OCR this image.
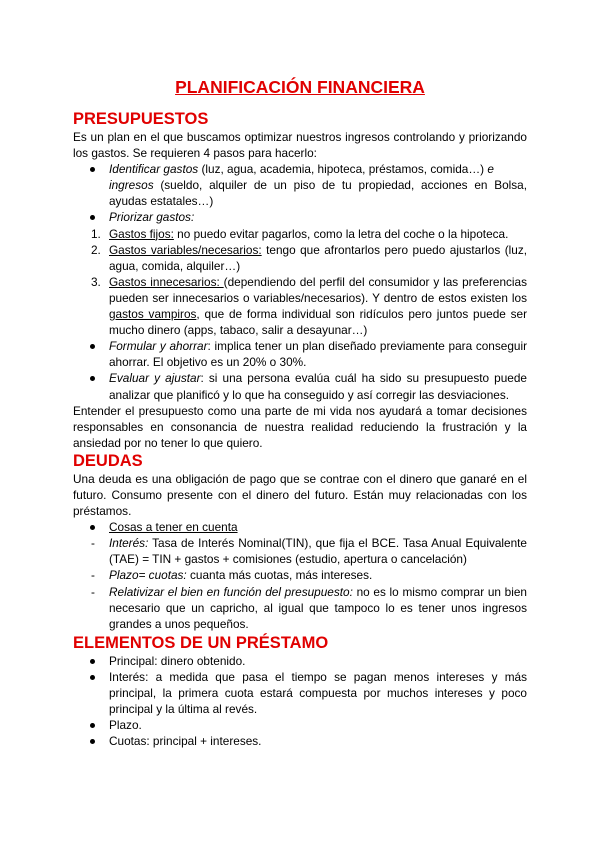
PLANIFICACIÓN FINANCIERA
PRESUPUESTOS

Es un plan en el que buscamos optimizar nuestros ingresos controlando y priorizando los gastos. Se requieren 4 pasos para hacerlo:

Identificar gastos (luz, agua, academia, hipoteca, préstamos, comida…) e
ingresos (sueldo, alquiler de un piso de tu propiedad, acciones en Bolsa, ayudas estatales…)
Priorizar gastos:
1. Gastos fijos: no puedo evitar pagarlos, como la letra del coche o la hipoteca.
2. Gastos variables/necesarios: tengo que afrontarlos pero puedo ajustarlos (luz, agua, comida, alquiler…)
3. Gastos innecesarios: (dependiendo del perfil del consumidor y las preferencias pueden ser innecesarios o variables/necesarios). Y dentro de estos existen los gastos vampiros, que de forma individual son ridículos pero juntos puede ser mucho dinero (apps, tabaco, salir a desayunar…)
Formular y ahorrar: implica tener un plan diseñado previamente para conseguir ahorrar. El objetivo es un 20% o 30%.
Evaluar y ajustar: si una persona evalúa cuál ha sido su presupuesto puede analizar que planificó y lo que ha conseguido y así corregir las desviaciones.

Entender el presupuesto como una parte de mi vida nos ayudará a tomar decisiones responsables en consonancia de nuestra realidad reduciendo la frustración y la ansiedad por no tener lo que quiero.

DEUDAS

Una deuda es una obligación de pago que se contrae con el dinero que ganaré en el futuro. Consumo presente con el dinero del futuro. Están muy relacionadas con los préstamos.

Cosas a tener en cuenta
- Interés: Tasa de Interés Nominal(TIN), que fija el BCE. Tasa Anual Equivalente (TAE) = TIN + gastos + comisiones (estudio, apertura o cancelación)
- Plazo= cuotas: cuanta más cuotas, más intereses.
- Relativizar el bien en función del presupuesto: no es lo mismo comprar un bien necesario que un capricho, al igual que tampoco lo es tener unos ingresos grandes a unos pequeños.
ELEMENTOS DE UN PRÉSTAMO
Principal: dinero obtenido.
Interés: a medida que pasa el tiempo se pagan menos intereses y más principal, la primera cuota estará compuesta por muchos intereses y poco principal y la última al revés.
Plazo.
Cuotas: principal + intereses.
